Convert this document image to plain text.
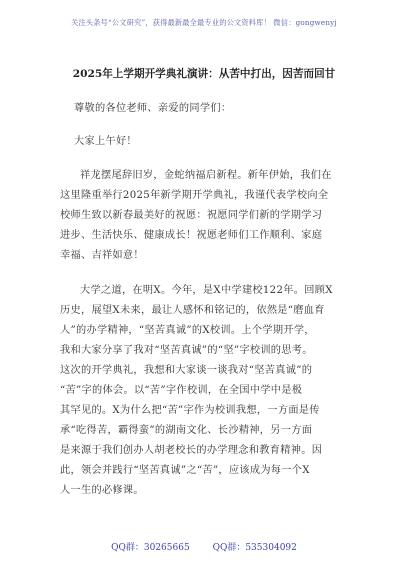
关注头条号“公文研究”，获得最新最全最专业的公文资料库！ 微信：gongwenyj
2025年上学期开学典礼演讲：从苦中打出，因苦而回甘
尊敬的各位老师、亲爱的同学们：
大家上午好！
祥龙摆尾辞旧岁，金蛇纳福启新程。新年伊始，我们在
这里隆重举行2025年新学期开学典礼，我谨代表学校向全
校师生致以新春最美好的祝愿：祝愿同学们新的学期学习
进步、生活快乐、健康成长！祝愿老师们工作顺利、家庭
幸福、吉祥如意！
大学之道，在明X。今年，是X中学建校122年。回顾X
历史，展望X未来，最让人感怀和铭记的，依然是“磨血育
人”的办学精神，“坚苦真诚”的X校训。上个学期开学，
我和大家分享了我对“坚苦真诚”的“坚”字校训的思考。
这次的开学典礼，我想和大家谈一谈我对“坚苦真诚”的
“苦”字的体会。以“苦”字作校训，在全国中学中是极
其罕见的。X为什么把“苦”字作为校训我想，一方面是传
承“吃得苦，霸得蛮”的湖南文化、长沙精神，另一方面
是来源于我们创办人胡老校长的办学理念和教育精神。因
此，领会并践行“坚苦真诚”之“苦”，应该成为每一个X
人一生的必修课。
QQ群：30265665	QQ群：535304092
